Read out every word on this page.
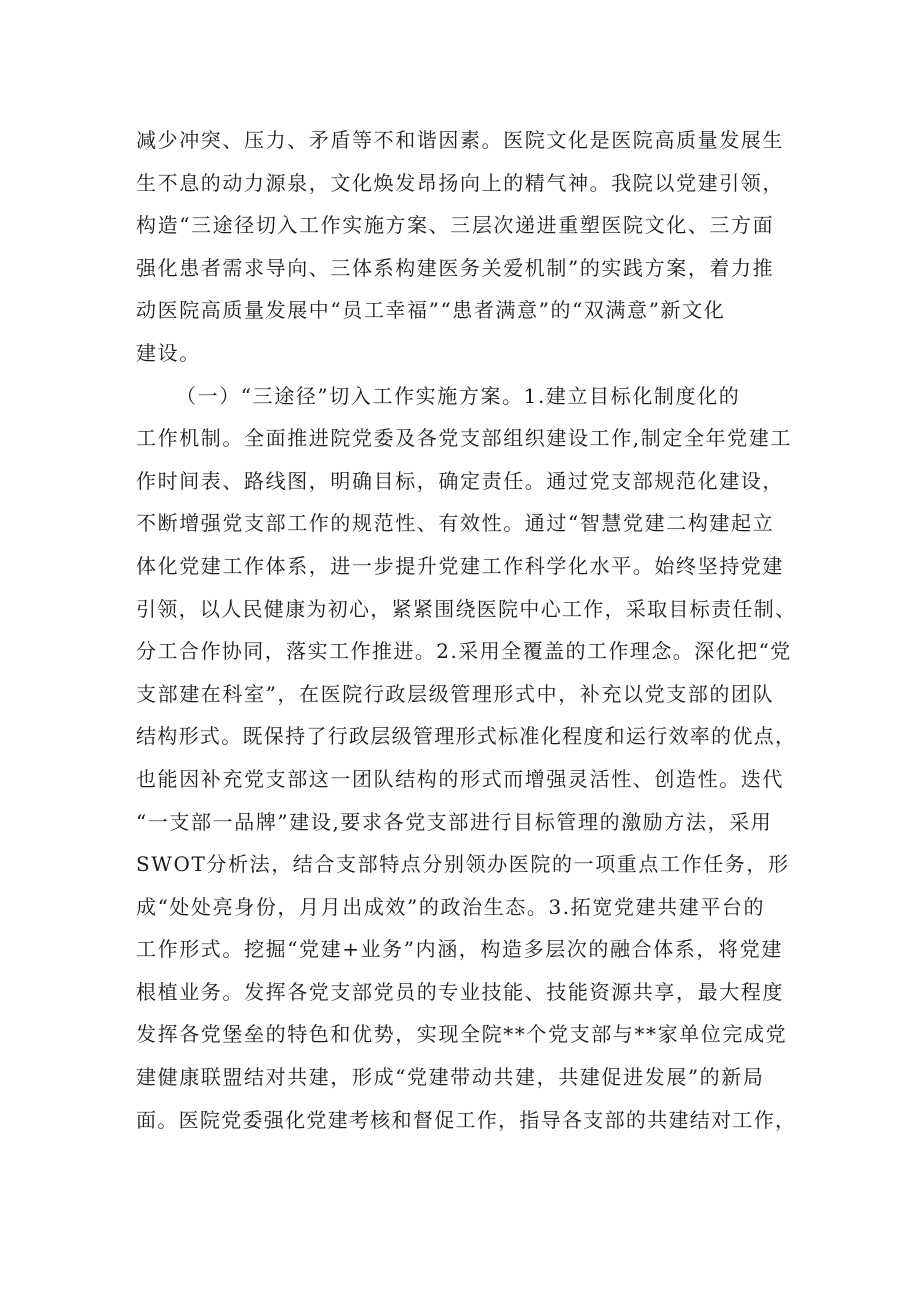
减少冲突、压力、矛盾等不和谐因素。医院文化是医院高质量发展生
生不息的动力源泉，文化焕发昂扬向上的精气神。我院以党建引领，
构造“三途径切入工作实施方案、三层次递进重塑医院文化、三方面
强化患者需求导向、三体系构建医务关爱机制”的实践方案，着力推
动医院高质量发展中“员工幸福”“患者满意”的“双满意”新文化
建设。
（一）“三途径”切入工作实施方案。1.建立目标化制度化的
工作机制。全面推进院党委及各党支部组织建设工作,制定全年党建工
作时间表、路线图，明确目标，确定责任。通过党支部规范化建设，
不断增强党支部工作的规范性、有效性。通过“智慧党建二构建起立
体化党建工作体系，进一步提升党建工作科学化水平。始终坚持党建
引领，以人民健康为初心，紧紧围绕医院中心工作，采取目标责任制、
分工合作协同，落实工作推进。2.采用全覆盖的工作理念。深化把“党
支部建在科室”，在医院行政层级管理形式中，补充以党支部的团队
结构形式。既保持了行政层级管理形式标准化程度和运行效率的优点，
也能因补充党支部这一团队结构的形式而增强灵活性、创造性。迭代
“一支部一品牌”建设,要求各党支部进行目标管理的激励方法，采用
SWOT分析法，结合支部特点分别领办医院的一项重点工作任务，形
成“处处亮身份，月月出成效”的政治生态。3.拓宽党建共建平台的
工作形式。挖掘“党建+业务”内涵，构造多层次的融合体系，将党建
根植业务。发挥各党支部党员的专业技能、技能资源共享，最大程度
发挥各党堡垒的特色和优势，实现全院**个党支部与**家单位完成党
建健康联盟结对共建，形成“党建带动共建，共建促进发展”的新局
面。医院党委强化党建考核和督促工作，指导各支部的共建结对工作，
